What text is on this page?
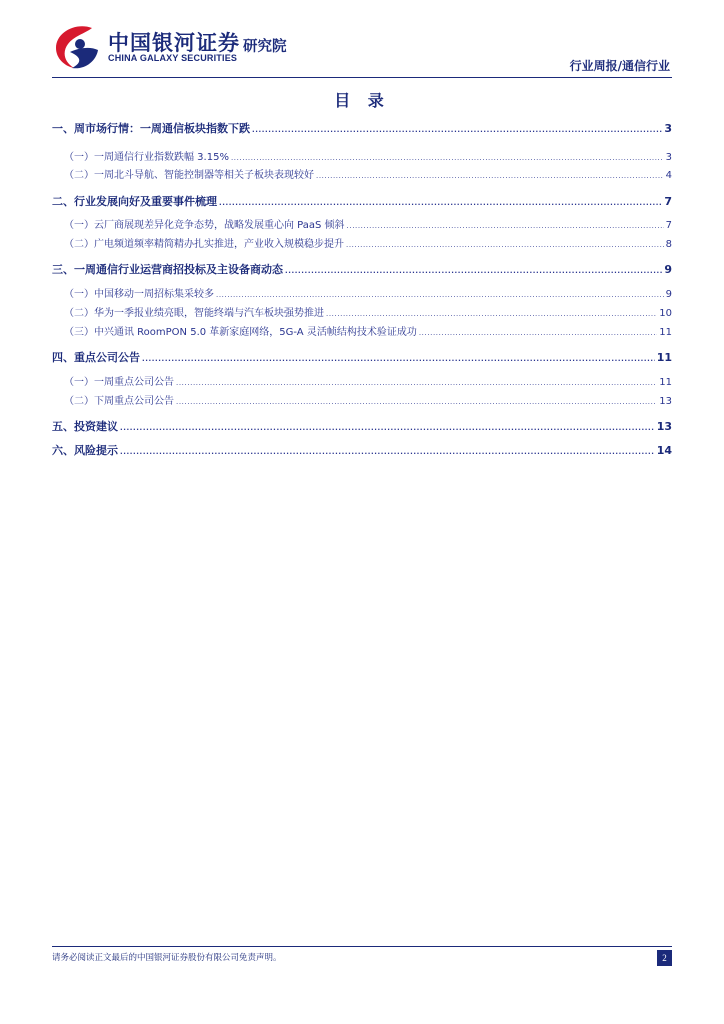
中国银河证券
CHINA GALAXY SECURITIES
研究院
行业周报/通信行业
目 录
一、周市场行情：一周通信板块指数下跌 .....	3
（一）一周通信行业指数跌幅 3.15% .....	3
（二）一周北斗导航、智能控制器等相关子板块表现较好 .....	4
二、行业发展向好及重要事件梳理 .....	7
（一）云厂商展现差异化竞争态势，战略发展重心向 PaaS 倾斜 .....	7
（二）广电频道频率精简精办扎实推进，产业收入规模稳步提升 .....	8
三、一周通信行业运营商招投标及主设备商动态 .....	9
（一）中国移动一周招标集采较多 .....	9
（二）华为一季报业绩亮眼，智能终端与汽车板块强势推进 .....	10
（三）中兴通讯 RoomPON 5.0 革新家庭网络，5G-A 灵活帧结构技术验证成功 .....	11
四、重点公司公告 .....	11
（一）一周重点公司公告 .....	11
（二）下周重点公司公告 .....	13
五、投资建议 .....	13
六、风险提示 .....	14
请务必阅读正文最后的中国银河证券股份有限公司免责声明。	2
